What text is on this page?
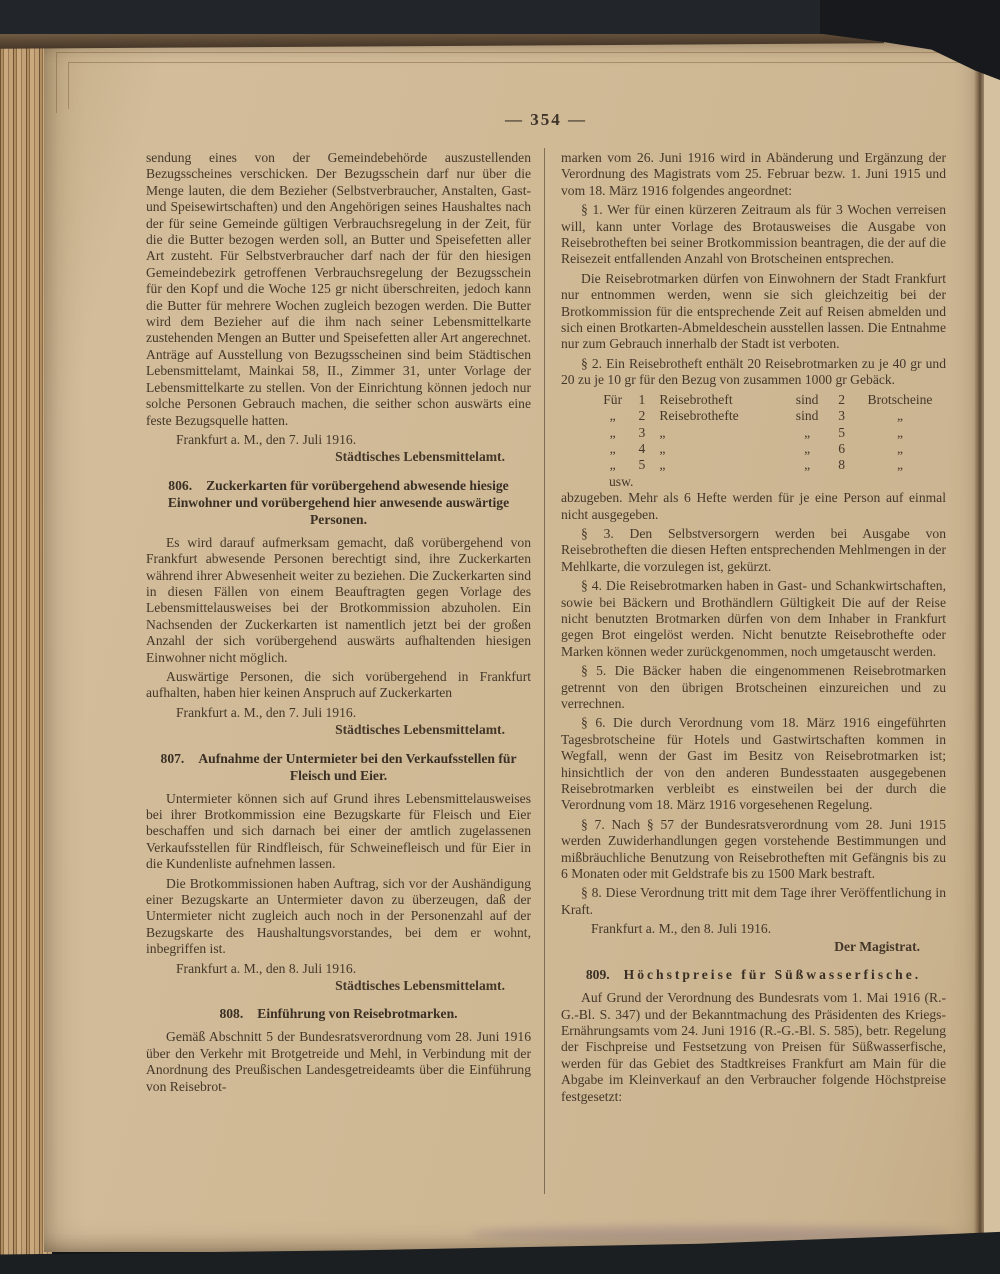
— 354 —

sendung eines von der Gemeindebehörde auszustellenden Bezugsscheines verschicken. Der Bezugsschein darf nur über die Menge lauten, die dem Bezieher (Selbstverbraucher, Anstalten, Gast- und Speisewirtschaften) und den Angehörigen seines Haushaltes nach der für seine Gemeinde gültigen Verbrauchsregelung in der Zeit, für die die Butter bezogen werden soll, an Butter und Speisefetten aller Art zusteht. Für Selbstverbraucher darf nach der für den hiesigen Gemeindebezirk getroffenen Verbrauchsregelung der Bezugsschein für den Kopf und die Woche 125 gr nicht überschreiten, jedoch kann die Butter für mehrere Wochen zugleich bezogen werden. Die Butter wird dem Bezieher auf die ihm nach seiner Lebensmittelkarte zustehenden Mengen an Butter und Speisefetten aller Art angerechnet. Anträge auf Ausstellung von Bezugsscheinen sind beim Städtischen Lebensmittelamt, Mainkai 58, II., Zimmer 31, unter Vorlage der Lebensmittelkarte zu stellen. Von der Einrichtung können jedoch nur solche Personen Gebrauch machen, die seither schon auswärts eine feste Bezugsquelle hatten.

Frankfurt a. M., den 7. Juli 1916.

Städtisches Lebensmittelamt.

806. Zuckerkarten für vorübergehend abwesende hiesige Einwohner und vorübergehend hier anwesende auswärtige Personen.

Es wird darauf aufmerksam gemacht, daß vorübergehend von Frankfurt abwesende Personen berechtigt sind, ihre Zuckerkarten während ihrer Abwesenheit weiter zu beziehen. Die Zuckerkarten sind in diesen Fällen von einem Beauftragten gegen Vorlage des Lebensmittelausweises bei der Brotkommission abzuholen. Ein Nachsenden der Zuckerkarten ist namentlich jetzt bei der großen Anzahl der sich vorübergehend auswärts aufhaltenden hiesigen Einwohner nicht möglich.

Auswärtige Personen, die sich vorübergehend in Frankfurt aufhalten, haben hier keinen Anspruch auf Zuckerkarten

Frankfurt a. M., den 7. Juli 1916.

Städtisches Lebensmittelamt.

807. Aufnahme der Untermieter bei den Verkaufsstellen für Fleisch und Eier.

Untermieter können sich auf Grund ihres Lebensmittelausweises bei ihrer Brotkommission eine Bezugskarte für Fleisch und Eier beschaffen und sich darnach bei einer der amtlich zugelassenen Verkaufsstellen für Rindfleisch, für Schweinefleisch und für Eier in die Kundenliste aufnehmen lassen.

Die Brotkommissionen haben Auftrag, sich vor der Aushändigung einer Bezugskarte an Untermieter davon zu überzeugen, daß der Untermieter nicht zugleich auch noch in der Personenzahl auf der Bezugskarte des Haushaltungsvorstandes, bei dem er wohnt, inbegriffen ist.

Frankfurt a. M., den 8. Juli 1916.

Städtisches Lebensmittelamt.

808. Einführung von Reisebrotmarken.

Gemäß Abschnitt 5 der Bundesratsverordnung vom 28. Juni 1916 über den Verkehr mit Brotgetreide und Mehl, in Verbindung mit der Anordnung des Preußischen Landesgetreideamts über die Einführung von Reisebrot-

marken vom 26. Juni 1916 wird in Abänderung und Ergänzung der Verordnung des Magistrats vom 25. Februar bezw. 1. Juni 1915 und vom 18. März 1916 folgendes angeordnet:

§ 1. Wer für einen kürzeren Zeitraum als für 3 Wochen verreisen will, kann unter Vorlage des Brotausweises die Ausgabe von Reisebrotheften bei seiner Brotkommission beantragen, die der auf die Reisezeit entfallenden Anzahl von Brotscheinen entsprechen.

Die Reisebrotmarken dürfen von Einwohnern der Stadt Frankfurt nur entnommen werden, wenn sie sich gleichzeitig bei der Brotkommission für die entsprechende Zeit auf Reisen abmelden und sich einen Brotkarten-Abmeldeschein ausstellen lassen. Die Entnahme nur zum Gebrauch innerhalb der Stadt ist verboten.

§ 2. Ein Reisebrotheft enthält 20 Reisebrotmarken zu je 40 gr und 20 zu je 10 gr für den Bezug von zusammen 1000 gr Gebäck.

Für	1	Reisebrotheft	sind	2	Brotscheine
„	2	Reisebrothefte	sind	3	„
„	3	„	„	5	„
„	4	„	„	6	„
„	5	„	„	8	„
usw.

abzugeben. Mehr als 6 Hefte werden für je eine Person auf einmal nicht ausgegeben.

§ 3. Den Selbstversorgern werden bei Ausgabe von Reisebrotheften die diesen Heften entsprechenden Mehlmengen in der Mehlkarte, die vorzulegen ist, gekürzt.

§ 4. Die Reisebrotmarken haben in Gast- und Schankwirtschaften, sowie bei Bäckern und Brothändlern Gültigkeit Die auf der Reise nicht benutzten Brotmarken dürfen von dem Inhaber in Frankfurt gegen Brot eingelöst werden. Nicht benutzte Reisebrothefte oder Marken können weder zurückgenommen, noch umgetauscht werden.

§ 5. Die Bäcker haben die eingenommenen Reisebrotmarken getrennt von den übrigen Brotscheinen einzureichen und zu verrechnen.

§ 6. Die durch Verordnung vom 18. März 1916 eingeführten Tagesbrotscheine für Hotels und Gastwirtschaften kommen in Wegfall, wenn der Gast im Besitz von Reisebrotmarken ist; hinsichtlich der von den anderen Bundesstaaten ausgegebenen Reisebrotmarken verbleibt es einstweilen bei der durch die Verordnung vom 18. März 1916 vorgesehenen Regelung.

§ 7. Nach § 57 der Bundesratsverordnung vom 28. Juni 1915 werden Zuwiderhandlungen gegen vorstehende Bestimmungen und mißbräuchliche Benutzung von Reisebrotheften mit Gefängnis bis zu 6 Monaten oder mit Geldstrafe bis zu 1500 Mark bestraft.

§ 8. Diese Verordnung tritt mit dem Tage ihrer Veröffentlichung in Kraft.

Frankfurt a. M., den 8. Juli 1916.

Der Magistrat.

809. Höchstpreise für Süßwasserfische.

Auf Grund der Verordnung des Bundesrats vom 1. Mai 1916 (R.-G.-Bl. S. 347) und der Bekanntmachung des Präsidenten des Kriegs-Ernährungsamts vom 24. Juni 1916 (R.-G.-Bl. S. 585), betr. Regelung der Fischpreise und Festsetzung von Preisen für Süßwasserfische, werden für das Gebiet des Stadtkreises Frankfurt am Main für die Abgabe im Kleinverkauf an den Verbraucher folgende Höchstpreise festgesetzt:
